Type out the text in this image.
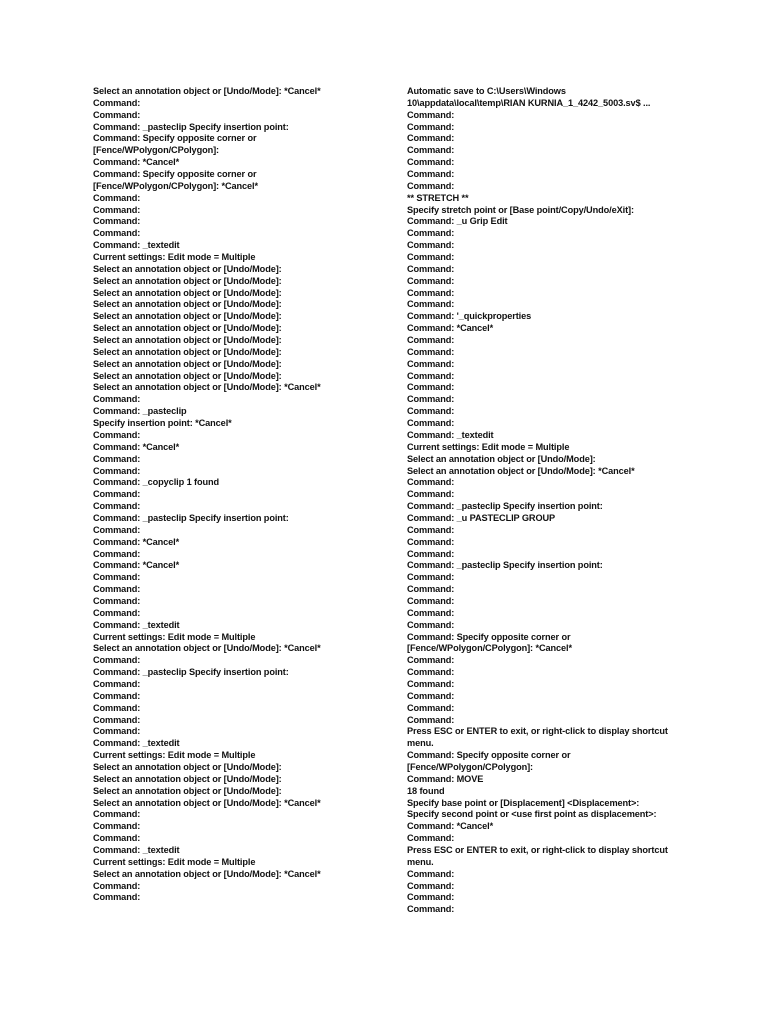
Select an annotation object or [Undo/Mode]: *Cancel*
Command:
Command:
Command: _pasteclip Specify insertion point:
Command: Specify opposite corner or
[Fence/WPolygon/CPolygon]:
Command: *Cancel*
Command: Specify opposite corner or
[Fence/WPolygon/CPolygon]: *Cancel*
Command:
Command:
Command:
Command:
Command: _textedit
Current settings: Edit mode = Multiple
Select an annotation object or [Undo/Mode]:
Select an annotation object or [Undo/Mode]:
Select an annotation object or [Undo/Mode]:
Select an annotation object or [Undo/Mode]:
Select an annotation object or [Undo/Mode]:
Select an annotation object or [Undo/Mode]:
Select an annotation object or [Undo/Mode]:
Select an annotation object or [Undo/Mode]:
Select an annotation object or [Undo/Mode]:
Select an annotation object or [Undo/Mode]:
Select an annotation object or [Undo/Mode]: *Cancel*
Command:
Command: _pasteclip
Specify insertion point: *Cancel*
Command:
Command: *Cancel*
Command:
Command:
Command: _copyclip 1 found
Command:
Command:
Command: _pasteclip Specify insertion point:
Command:
Command: *Cancel*
Command:
Command: *Cancel*
Command:
Command:
Command:
Command:
Command: _textedit
Current settings: Edit mode = Multiple
Select an annotation object or [Undo/Mode]: *Cancel*
Command:
Command: _pasteclip Specify insertion point:
Command:
Command:
Command:
Command:
Command:
Command: _textedit
Current settings: Edit mode = Multiple
Select an annotation object or [Undo/Mode]:
Select an annotation object or [Undo/Mode]:
Select an annotation object or [Undo/Mode]:
Select an annotation object or [Undo/Mode]: *Cancel*
Command:
Command:
Command:
Command: _textedit
Current settings: Edit mode = Multiple
Select an annotation object or [Undo/Mode]: *Cancel*
Command:
Command:
Automatic save to C:\Users\Windows
10\appdata\local\temp\RIAN KURNIA_1_4242_5003.sv$ ...
Command:
Command:
Command:
Command:
Command:
Command:
Command:
** STRETCH **
Specify stretch point or [Base point/Copy/Undo/eXit]:
Command: _u Grip Edit
Command:
Command:
Command:
Command:
Command:
Command:
Command:
Command: '_quickproperties
Command: *Cancel*
Command:
Command:
Command:
Command:
Command:
Command:
Command:
Command:
Command: _textedit
Current settings: Edit mode = Multiple
Select an annotation object or [Undo/Mode]:
Select an annotation object or [Undo/Mode]: *Cancel*
Command:
Command:
Command: _pasteclip Specify insertion point:
Command: _u PASTECLIP GROUP
Command:
Command:
Command:
Command: _pasteclip Specify insertion point:
Command:
Command:
Command:
Command:
Command:
Command: Specify opposite corner or
[Fence/WPolygon/CPolygon]: *Cancel*
Command:
Command:
Command:
Command:
Command:
Command:
Press ESC or ENTER to exit, or right-click to display shortcut
menu.
Command: Specify opposite corner or
[Fence/WPolygon/CPolygon]:
Command: MOVE
18 found
Specify base point or [Displacement] <Displacement>:
Specify second point or <use first point as displacement>:
Command: *Cancel*
Command:
Press ESC or ENTER to exit, or right-click to display shortcut
menu.
Command:
Command:
Command:
Command:
